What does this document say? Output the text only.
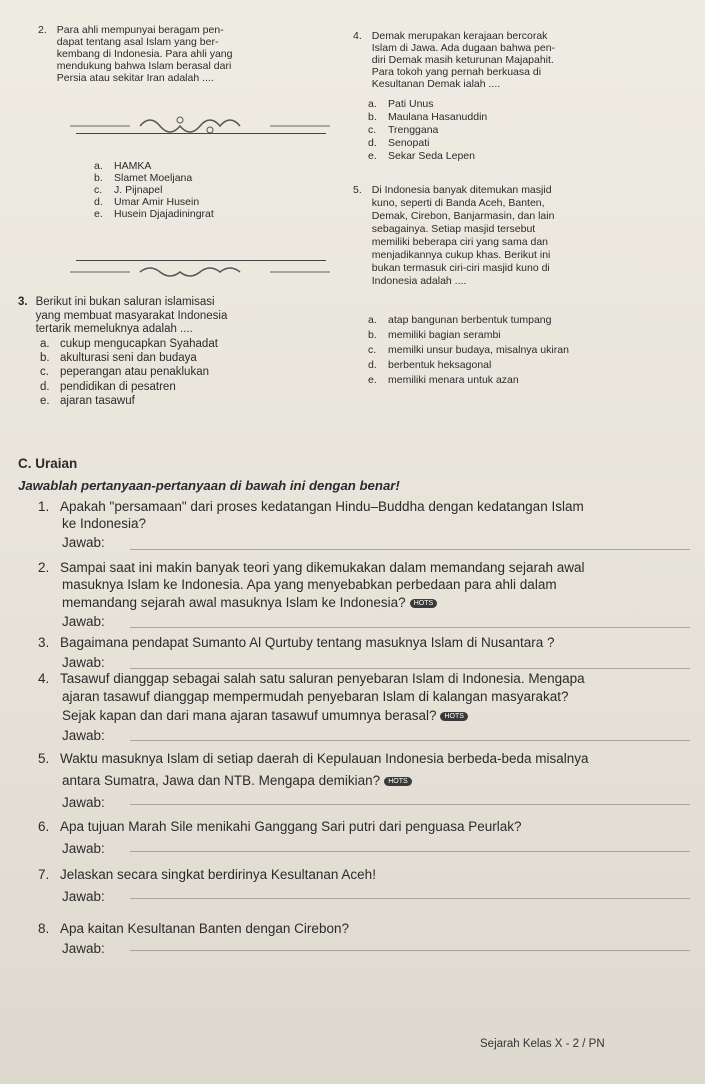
2. Para ahli mempunyai beragam pen-
dapat tentang asal Islam yang ber-
kembang di Indonesia. Para ahli yang
mendukung bahwa Islam berasal dari
Persia atau sekitar Iran adalah ....
a.	HAMKA
b.	Slamet Moeljana
c.	J. Pijnapel
d.	Umar Amir Husein
e.	Husein Djajadiningrat
3. Berikut ini bukan saluran islamisasi
yang membuat masyarakat Indonesia
tertarik memeluknya adalah ....
a. cukup mengucapkan Syahadat
b. akulturasi seni dan budaya
c. peperangan atau penaklukan
d. pendidikan di pesatren
e. ajaran tasawuf
4. Demak merupakan kerajaan bercorak
Islam di Jawa. Ada dugaan bahwa pen-
diri Demak masih keturunan Majapahit.
Para tokoh yang pernah berkuasa di
Kesultanan Demak ialah ....
a.	Pati Unus
b.	Maulana Hasanuddin
c.	Trenggana
d.	Senopati
e.	Sekar Seda Lepen
5. Di Indonesia banyak ditemukan masjid
kuno, seperti di Banda Aceh, Banten,
Demak, Cirebon, Banjarmasin, dan lain
sebagainya. Setiap masjid tersebut
memiliki beberapa ciri yang sama dan
menjadikannya cukup khas. Berikut ini
bukan termasuk ciri-ciri masjid kuno di
Indonesia adalah ....
a.	atap bangunan berbentuk tumpang
b.	memiliki bagian serambi
c.	memilki unsur budaya, misalnya ukiran
d.	berbentuk heksagonal
e.	memiliki menara untuk azan
C. Uraian
Jawablah pertanyaan-pertanyaan di bawah ini dengan benar!
1. Apakah "persamaan" dari proses kedatangan Hindu–Buddha dengan kedatangan Islam
ke Indonesia?
Jawab:
2. Sampai saat ini makin banyak teori yang dikemukakan dalam memandang sejarah awal
masuknya Islam ke Indonesia. Apa yang menyebabkan perbedaan para ahli dalam
memandang sejarah awal masuknya Islam ke Indonesia? HOTS
Jawab:
3. Bagaimana pendapat Sumanto Al Qurtuby tentang masuknya Islam di Nusantara ?
Jawab:
4. Tasawuf dianggap sebagai salah satu saluran penyebaran Islam di Indonesia. Mengapa
ajaran tasawuf dianggap mempermudah penyebaran Islam di kalangan masyarakat?
Sejak kapan dan dari mana ajaran tasawuf umumnya berasal? HOTS
Jawab:
5. Waktu masuknya Islam di setiap daerah di Kepulauan Indonesia berbeda-beda misalnya
antara Sumatra, Jawa dan NTB. Mengapa demikian? HOTS
Jawab:
6. Apa tujuan Marah Sile menikahi Ganggang Sari putri dari penguasa Peurlak?
Jawab:
7. Jelaskan secara singkat berdirinya Kesultanan Aceh!
Jawab:
8. Apa kaitan Kesultanan Banten dengan Cirebon?
Jawab:
Sejarah Kelas X - 2 / PN
